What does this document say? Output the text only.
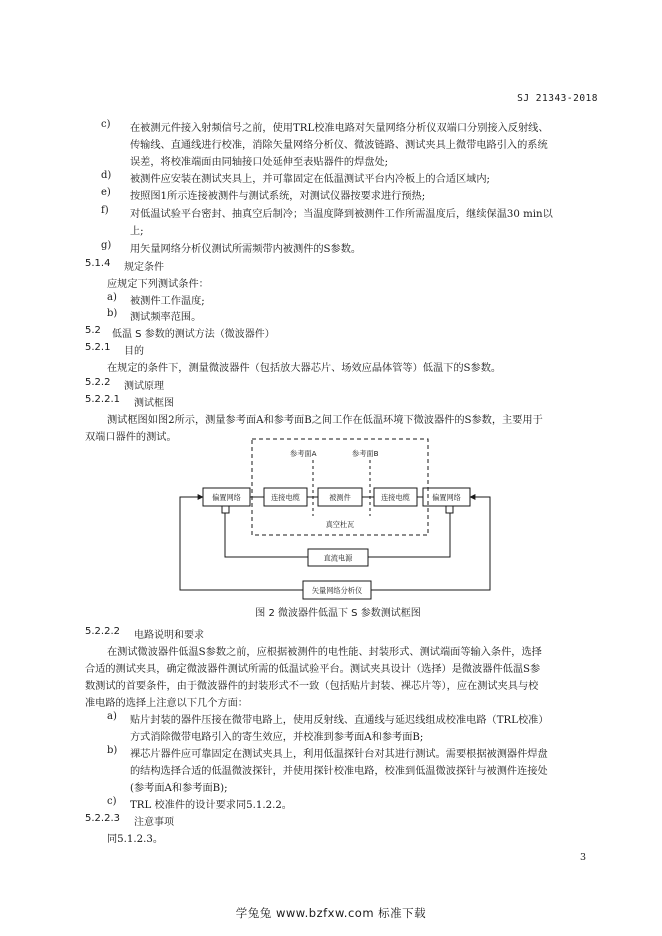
SJ 21343-2018
c) 在被测元件接入射频信号之前，使用TRL校准电路对矢量网络分析仪双端口分别接入反射线、
传输线、直通线进行校准，消除矢量网络分析仪、微波链路、测试夹具上微带电路引入的系统
误差，将校准端面由同轴接口处延伸至表贴器件的焊盘处;
d) 被测件应安装在测试夹具上，并可靠固定在低温测试平台内冷板上的合适区域内;
e) 按照图1所示连接被测件与测试系统，对测试仪器按要求进行预热;
f) 对低温试验平台密封、抽真空后制冷；当温度降到被测件工作所需温度后，继续保温30 min以
上;
g) 用矢量网络分析仪测试所需频带内被测件的S参数。
5.1.4 规定条件
应规定下列测试条件：
a) 被测件工作温度;
b) 测试频率范围。
5.2 低温 S 参数的测试方法（微波器件）
5.2.1 目的
在规定的条件下，测量微波器件（包括放大器芯片、场效应晶体管等）低温下的S参数。
5.2.2 测试原理
5.2.2.1 测试框图
测试框图如图2所示，测量参考面A和参考面B之间工作在低温环境下微波器件的S参数，主要用于
双端口器件的测试。
参考面A	参考面B
偏置网络	连接电缆	被测件	连接电缆	偏置网络
真空杜瓦
直流电源
矢量网络分析仪
图 2 微波器件低温下 S 参数测试框图
5.2.2.2 电路说明和要求
在测试微波器件低温S参数之前，应根据被测件的电性能、封装形式、测试端面等输入条件，选择
合适的测试夹具，确定微波器件测试所需的低温试验平台。测试夹具设计（选择）是微波器件低温S参
数测试的首要条件，由于微波器件的封装形式不一致（包括贴片封装、裸芯片等），应在测试夹具与校
准电路的选择上注意以下几个方面：
a) 贴片封装的器件压接在微带电路上，使用反射线、直通线与延迟线组成校准电路（TRL校准）
方式消除微带电路引入的寄生效应，并校准到参考面A和参考面B;
b) 裸芯片器件应可靠固定在测试夹具上，利用低温探针台对其进行测试。需要根据被测器件焊盘
的结构选择合适的低温微波探针，并使用探针校准电路，校准到低温微波探针与被测件连接处
(参考面A和参考面B);
c) TRL 校准件的设计要求同5.1.2.2。
5.2.2.3 注意事项
同5.1.2.3。
3
学兔兔 www.bzfxw.com 标准下载
